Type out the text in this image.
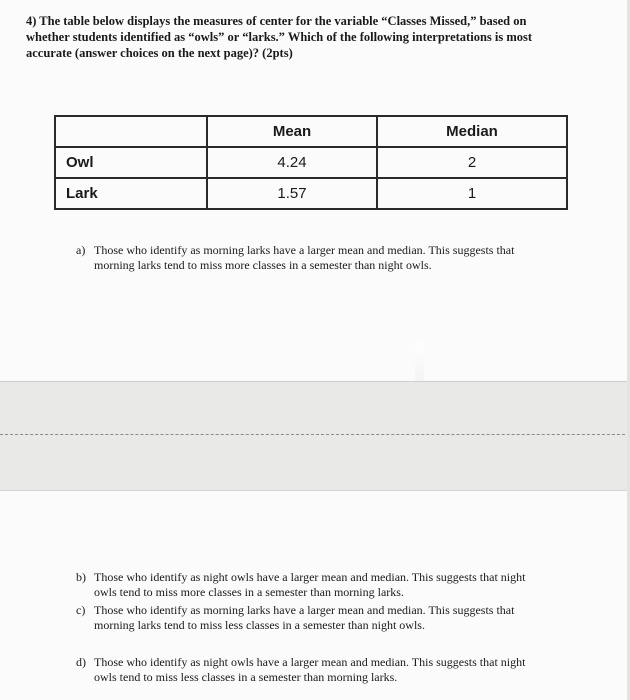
4) The table below displays the measures of center for the variable “Classes Missed,” based on whether students identified as “owls” or “larks.” Which of the following interpretations is most accurate (answer choices on the next page)? (2pts)
	Mean	Median
Owl	4.24	2
Lark	1.57	1
a) Those who identify as morning larks have a larger mean and median. This suggests that morning larks tend to miss more classes in a semester than night owls.
b) Those who identify as night owls have a larger mean and median. This suggests that night owls tend to miss more classes in a semester than morning larks.
c) Those who identify as morning larks have a larger mean and median. This suggests that morning larks tend to miss less classes in a semester than night owls.
d) Those who identify as night owls have a larger mean and median. This suggests that night owls tend to miss less classes in a semester than morning larks.
